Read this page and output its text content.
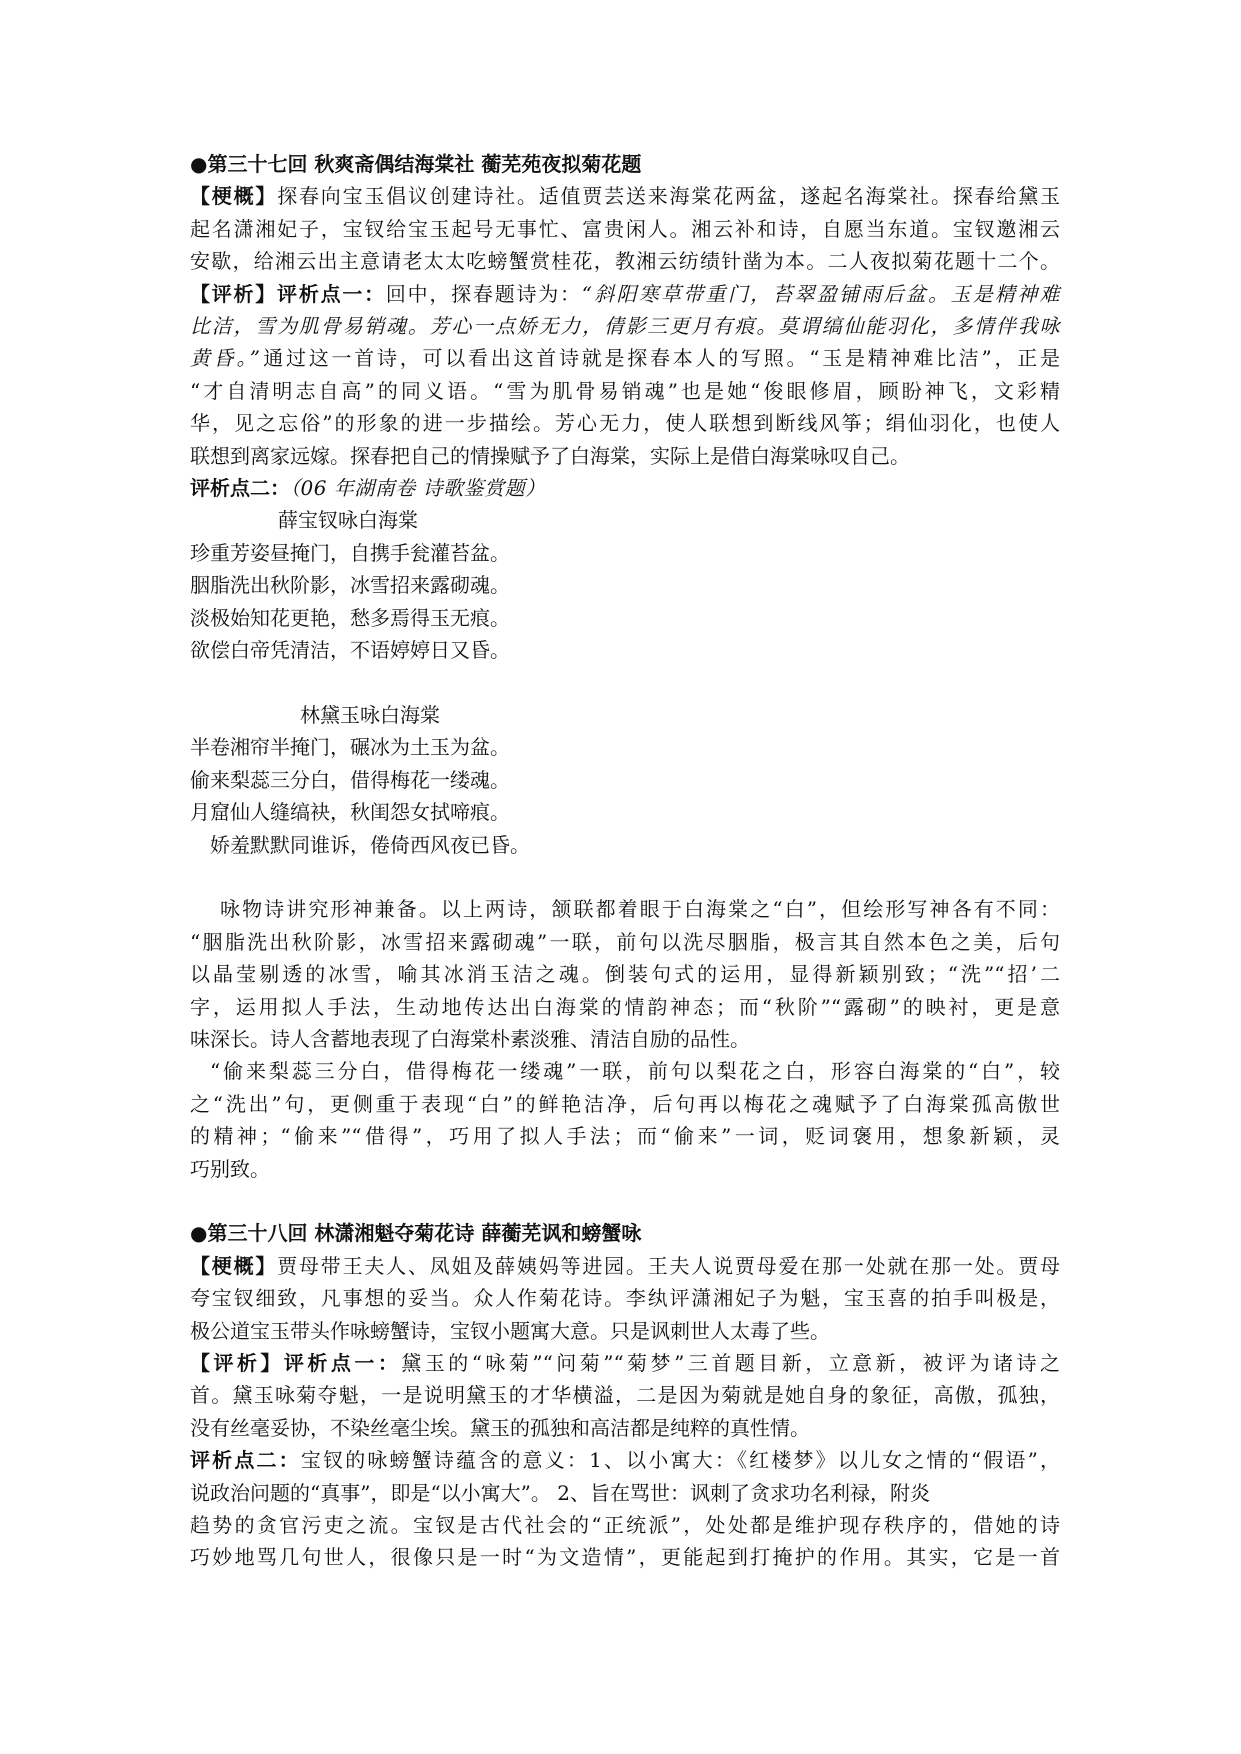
●第三十七回 秋爽斋偶结海棠社 蘅芜苑夜拟菊花题
【梗概】探春向宝玉倡议创建诗社。适值贾芸送来海棠花两盆，遂起名海棠社。探春给黛玉
起名潇湘妃子，宝钗给宝玉起号无事忙、富贵闲人。湘云补和诗，自愿当东道。宝钗邀湘云
安歇，给湘云出主意请老太太吃螃蟹赏桂花，教湘云纺绩针凿为本。二人夜拟菊花题十二个。
【评析】评析点一：回中，探春题诗为：“斜阳寒草带重门，苔翠盈铺雨后盆。玉是精神难
比洁，雪为肌骨易销魂。芳心一点娇无力，倩影三更月有痕。莫谓缟仙能羽化，多情伴我咏
黄昏。”通过这一首诗，可以看出这首诗就是探春本人的写照。“玉是精神难比洁”，正是
“才自清明志自高”的同义语。“雪为肌骨易销魂”也是她“俊眼修眉，顾盼神飞，文彩精
华，见之忘俗”的形象的进一步描绘。芳心无力，使人联想到断线风筝；绢仙羽化，也使人
联想到离家远嫁。探春把自己的情操赋予了白海棠，实际上是借白海棠咏叹自己。
评析点二：（06 年湖南卷 诗歌鉴赏题）
薛宝钗咏白海棠
珍重芳姿昼掩门，自携手瓮灌苔盆。
胭脂洗出秋阶影，冰雪招来露砌魂。
淡极始知花更艳，愁多焉得玉无痕。
欲偿白帝凭清洁，不语婷婷日又昏。
林黛玉咏白海棠
半卷湘帘半掩门，碾冰为土玉为盆。
偷来梨蕊三分白，借得梅花一缕魂。
月窟仙人缝缟袂，秋闺怨女拭啼痕。
娇羞默默同谁诉，倦倚西风夜已昏。
咏物诗讲究形神兼备。以上两诗，颔联都着眼于白海棠之“白”，但绘形写神各有不同：
“胭脂洗出秋阶影，冰雪招来露砌魂”一联，前句以洗尽胭脂，极言其自然本色之美，后句
以晶莹剔透的冰雪，喻其冰消玉洁之魂。倒装句式的运用，显得新颖别致；“洗”“招’二
字，运用拟人手法，生动地传达出白海棠的情韵神态；而“秋阶”“露砌”的映衬，更是意
味深长。诗人含蓄地表现了白海棠朴素淡雅、清洁自励的品性。
“偷来梨蕊三分白，借得梅花一缕魂”一联，前句以梨花之白，形容白海棠的“白”，较
之“洗出”句，更侧重于表现“白”的鲜艳洁净，后句再以梅花之魂赋予了白海棠孤高傲世
的精神；“偷来”“借得”，巧用了拟人手法；而“偷来”一词，贬词褒用，想象新颖，灵
巧别致。
●第三十八回 林潇湘魁夺菊花诗 薛蘅芜讽和螃蟹咏
【梗概】贾母带王夫人、凤姐及薛姨妈等进园。王夫人说贾母爱在那一处就在那一处。贾母
夸宝钗细致，凡事想的妥当。众人作菊花诗。李纨评潇湘妃子为魁，宝玉喜的拍手叫极是，
极公道宝玉带头作咏螃蟹诗，宝钗小题寓大意。只是讽刺世人太毒了些。
【评析】评析点一：黛玉的“咏菊”“问菊”“菊梦”三首题目新，立意新，被评为诸诗之
首。黛玉咏菊夺魁，一是说明黛玉的才华横溢，二是因为菊就是她自身的象征，高傲，孤独，
没有丝毫妥协，不染丝毫尘埃。黛玉的孤独和高洁都是纯粹的真性情。
评析点二：宝钗的咏螃蟹诗蕴含的意义：1、以小寓大：《红楼梦》以儿女之情的“假语”，
说政治问题的“真事”，即是“以小寓大”。 2、旨在骂世：讽刺了贪求功名利禄，附炎
趋势的贪官污吏之流。宝钗是古代社会的“正统派”，处处都是维护现存秩序的，借她的诗
巧妙地骂几句世人，很像只是一时“为文造情”，更能起到打掩护的作用。其实，它是一首
